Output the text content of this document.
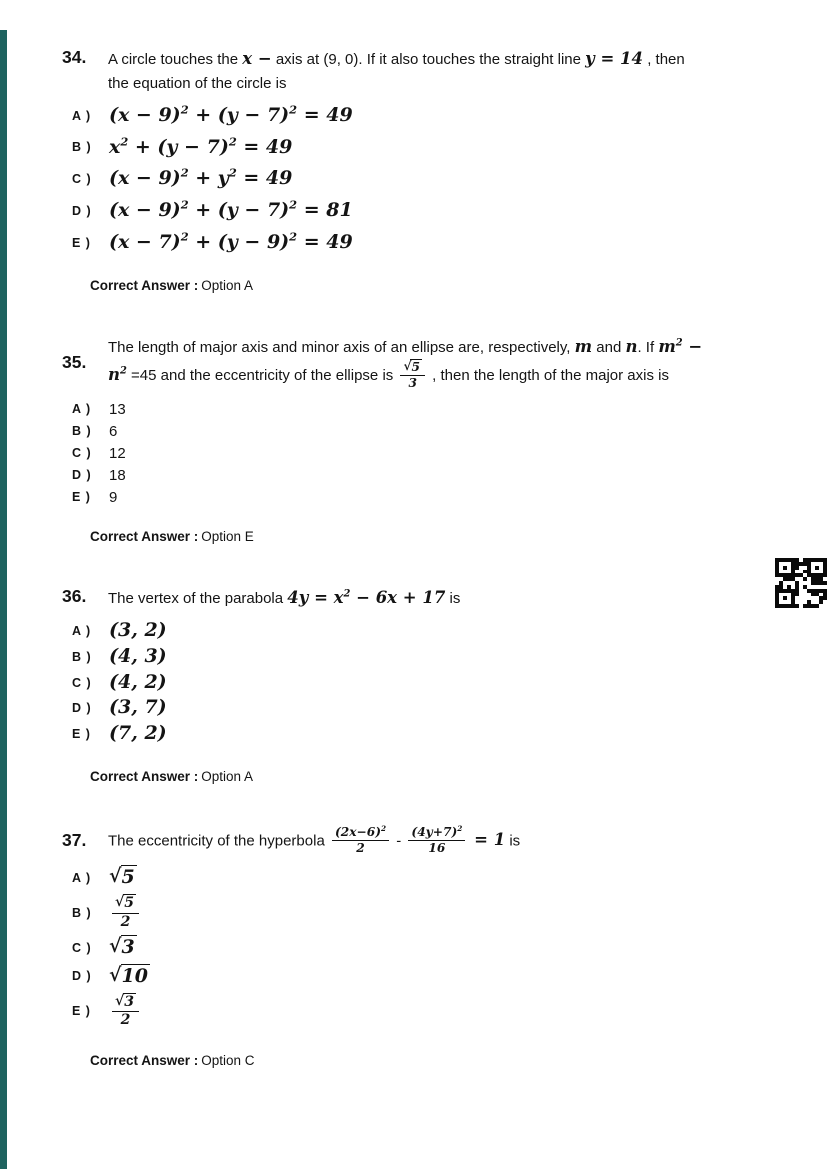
34.	A circle touches the x − axis at (9, 0). If it also touches the straight line y = 14 , then
the equation of the circle is
A ) $(x - 9)^2 + (y - 7)^2 = 49$
B ) $x^2 + (y - 7)^2 = 49$
C ) $(x - 9)^2 + y^2 = 49$
D ) $(x - 9)^2 + (y - 7)^2 = 81$
E ) $(x - 7)^2 + (y - 9)^2 = 49$
Correct Answer : Option A
35.
The length of major axis and minor axis of an ellipse are, respectively, m and n. If $m^2$ −
$n^2 =45$ and the eccentricity of the ellipse is $\frac{√ 5}{3}$ , then the length of the major axis is
A )	13
B )	6
C )	12
D )	18
E )	9
Correct Answer : Option E
36.	The vertex of the parabola $4y = x^2 - 6x + 17$ is
A ) (3, 2)
B ) (4, 3)
C ) (4, 2)
D ) (3, 7)
E ) (7, 2)
Correct Answer : Option A
37.	The eccentricity of the hyperbola $\frac{(2x-6)^2}{2} - \frac{(4y+7)^2}{16} = 1$ is
A ) √ 5
B )	$\frac{√ 5}{2}$
C ) √ 3
D ) √ 10
E )	$\frac{√ 3}{2}$
Correct Answer : Option C
